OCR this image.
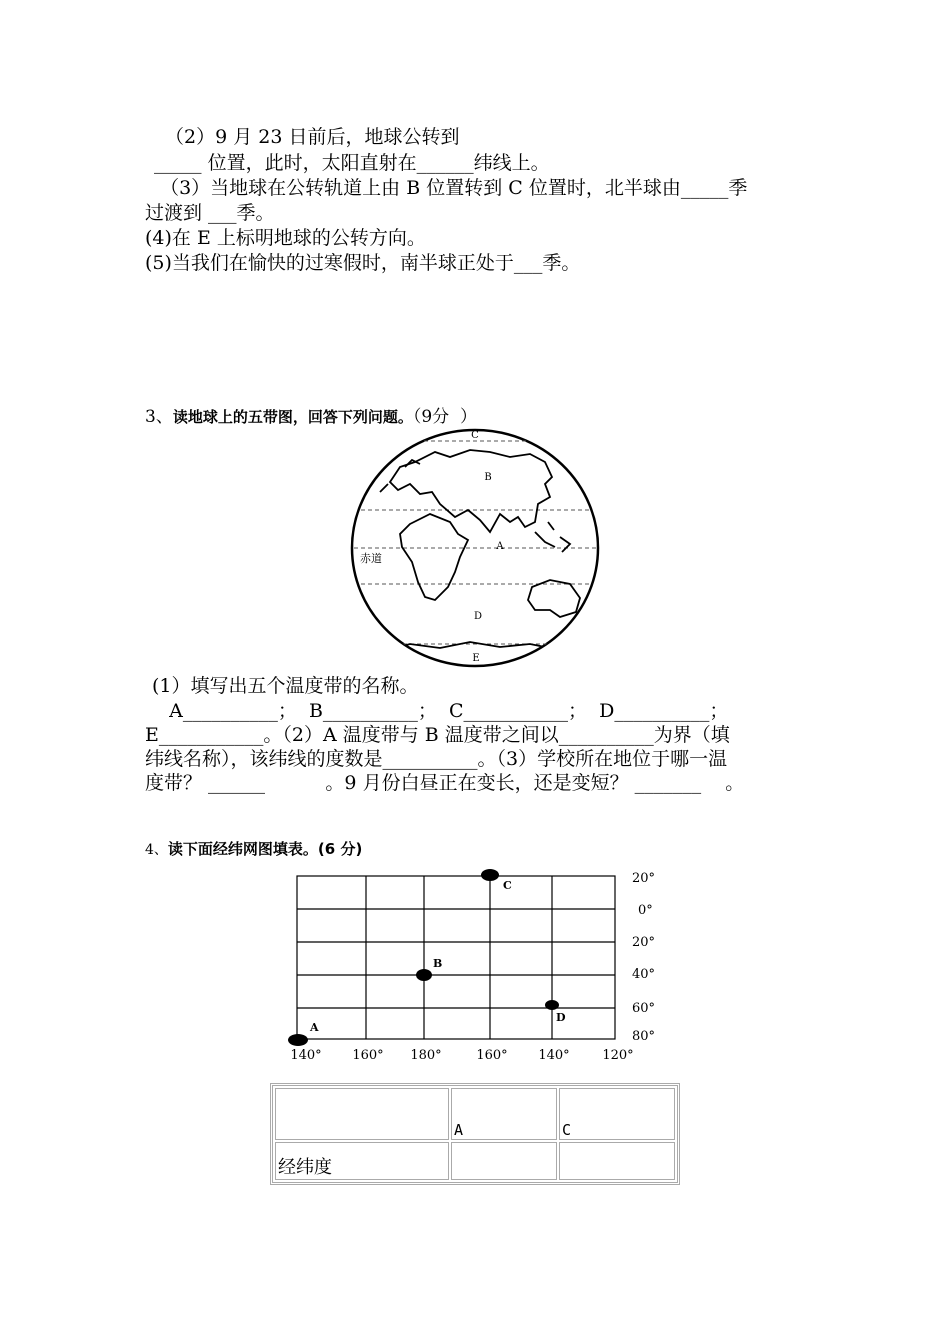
（2）9 月 23 日前后，地球公转到
_____ 位置，此时，太阳直射在______纬线上。
（3）当地球在公转轨道上由 B 位置转到 C 位置时，北半球由_____季
过渡到 ___季。
(4)在 E 上标明地球的公转方向。
(5)当我们在愉快的过寒假时，南半球正处于___季。
3、读地球上的五带图，回答下列问题。（9分  ）
C
B
A
赤道
D
E
(1）填写出五个温度带的名称。
A__________；  B__________；  C___________；  D__________；
E___________。（2）A 温度带与 B 温度带之间以__________为界（填
纬线名称），该纬线的度数是__________。（3）学校所在地位于哪一温
度带？ ______          。9 月份白昼正在变长，还是变短？ _______    。
4、读下面经纬网图填表。(6 分)
20°
0°
20°
40°
60°
80°
140° 160° 180°	160° 140°	120°
A
B
C
D
	A	C
经纬度		
